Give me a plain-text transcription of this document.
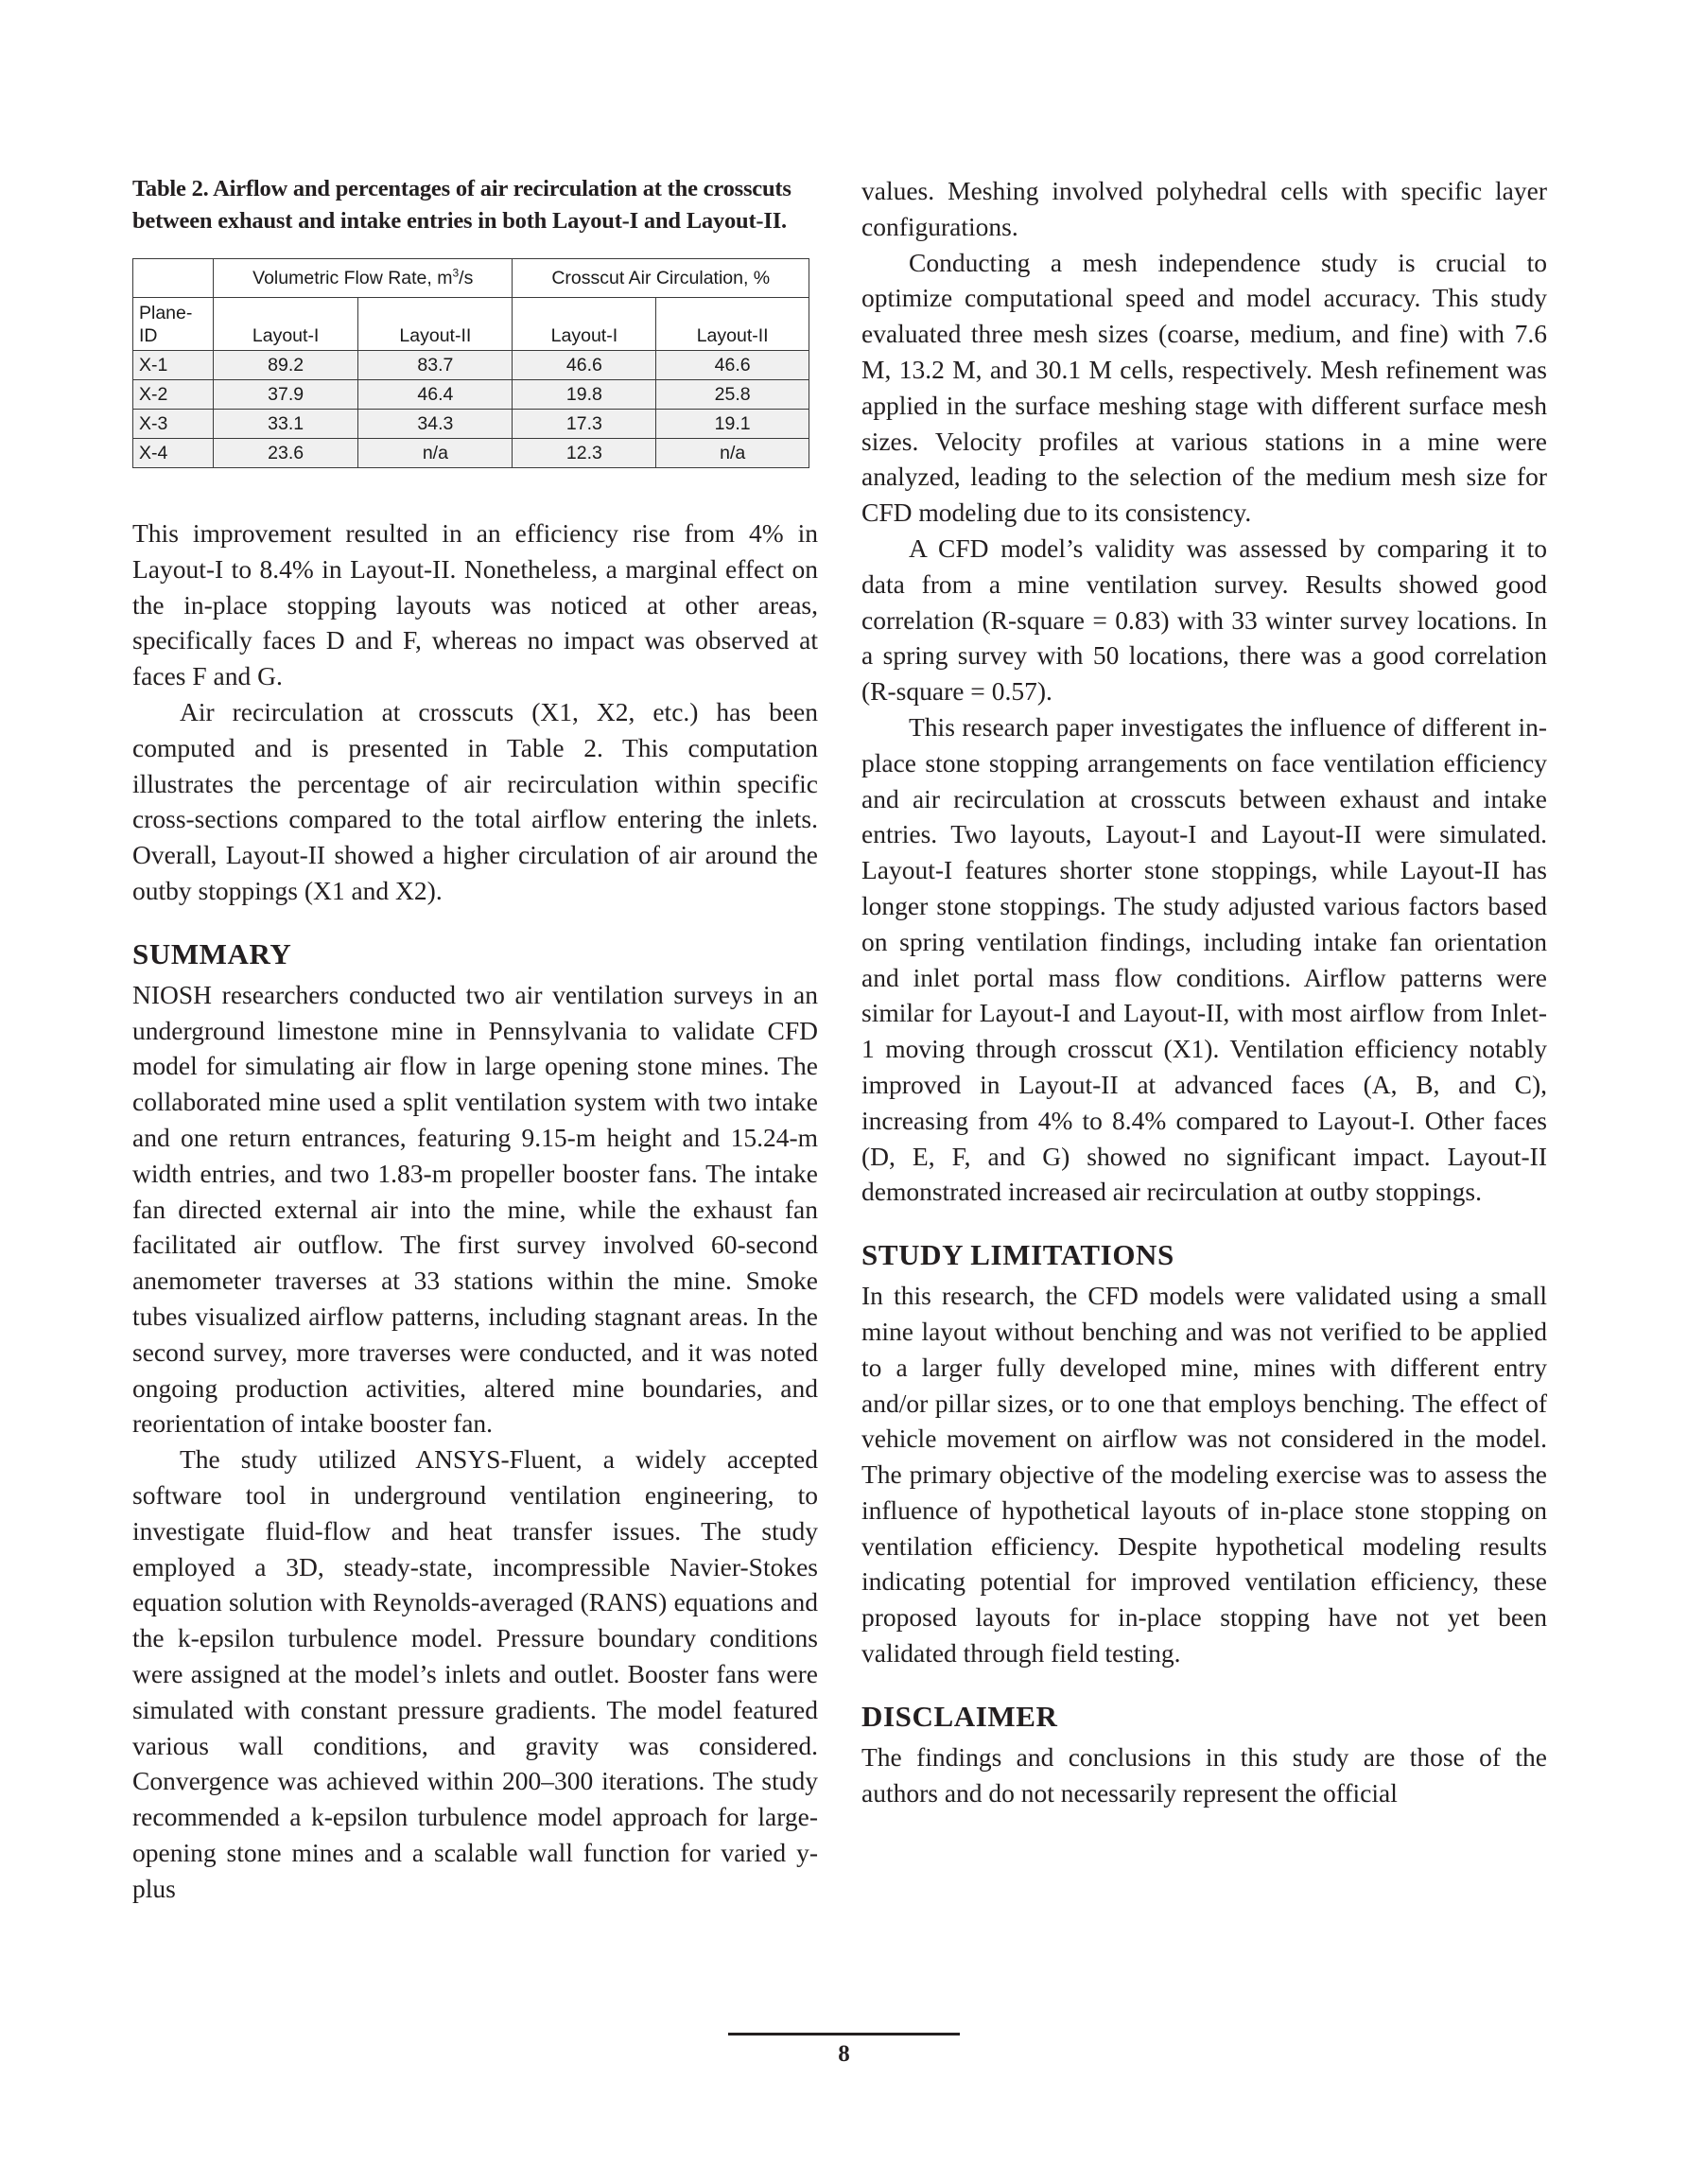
Table 2. Airflow and percentages of air recirculation at the crosscuts between exhaust and intake entries in both Layout-I and Layout-II.

	Volumetric Flow Rate, $m^3/s$		Crosscut Air Circulation, %	
Plane-ID	Layout-I	Layout-II	Layout-I	Layout-II
X-1	89.2	83.7	46.6	46.6
X-2	37.9	46.4	19.8	25.8
X-3	33.1	34.3	17.3	19.1
X-4	23.6	n/a	12.3	n/a

This improvement resulted in an efficiency rise from 4% in Layout-I to 8.4% in Layout-II. Nonetheless, a marginal effect on the in-place stopping layouts was noticed at other areas, specifically faces D and F, whereas no impact was observed at faces F and G.

Air recirculation at crosscuts (X1, X2, etc.) has been computed and is presented in Table 2. This computation illustrates the percentage of air recirculation within specific cross-sections compared to the total airflow entering the inlets. Overall, Layout-II showed a higher circulation of air around the outby stoppings (X1 and X2).

SUMMARY

NIOSH researchers conducted two air ventilation surveys in an underground limestone mine in Pennsylvania to validate CFD model for simulating air flow in large opening stone mines. The collaborated mine used a split ventilation system with two intake and one return entrances, featuring 9.15-m height and 15.24-m width entries, and two 1.83-m propeller booster fans. The intake fan directed external air into the mine, while the exhaust fan facilitated air outflow. The first survey involved 60-second anemometer traverses at 33 stations within the mine. Smoke tubes visualized airflow patterns, including stagnant areas. In the second survey, more traverses were conducted, and it was noted ongoing production activities, altered mine boundaries, and reorientation of intake booster fan.

The study utilized ANSYS-Fluent, a widely accepted software tool in underground ventilation engineering, to investigate fluid-flow and heat transfer issues. The study employed a 3D, steady-state, incompressible Navier-Stokes equation solution with Reynolds-averaged (RANS) equations and the k-epsilon turbulence model. Pressure boundary conditions were assigned at the model’s inlets and outlet. Booster fans were simulated with constant pressure gradients. The model featured various wall conditions, and gravity was considered. Convergence was achieved within 200–300 iterations. The study recommended a k-epsilon turbulence model approach for large-opening stone mines and a scalable wall function for varied y-plus

values. Meshing involved polyhedral cells with specific layer configurations.

Conducting a mesh independence study is crucial to optimize computational speed and model accuracy. This study evaluated three mesh sizes (coarse, medium, and fine) with 7.6 M, 13.2 M, and 30.1 M cells, respectively. Mesh refinement was applied in the surface meshing stage with different surface mesh sizes. Velocity profiles at various stations in a mine were analyzed, leading to the selection of the medium mesh size for CFD modeling due to its consistency.

A CFD model’s validity was assessed by comparing it to data from a mine ventilation survey. Results showed good correlation (R-square = 0.83) with 33 winter survey locations. In a spring survey with 50 locations, there was a good correlation (R-square = 0.57).

This research paper investigates the influence of different in-place stone stopping arrangements on face ventilation efficiency and air recirculation at crosscuts between exhaust and intake entries. Two layouts, Layout-I and Layout-II were simulated. Layout-I features shorter stone stoppings, while Layout-II has longer stone stoppings. The study adjusted various factors based on spring ventilation findings, including intake fan orientation and inlet portal mass flow conditions. Airflow patterns were similar for Layout-I and Layout-II, with most airflow from Inlet-1 moving through crosscut (X1). Ventilation efficiency notably improved in Layout-II at advanced faces (A, B, and C), increasing from 4% to 8.4% compared to Layout-I. Other faces (D, E, F, and G) showed no significant impact. Layout-II demonstrated increased air recirculation at outby stoppings.

STUDY LIMITATIONS

In this research, the CFD models were validated using a small mine layout without benching and was not verified to be applied to a larger fully developed mine, mines with different entry and/or pillar sizes, or to one that employs benching. The effect of vehicle movement on airflow was not considered in the model. The primary objective of the modeling exercise was to assess the influence of hypothetical layouts of in-place stone stopping on ventilation efficiency. Despite hypothetical modeling results indicating potential for improved ventilation efficiency, these proposed layouts for in-place stopping have not yet been validated through field testing.

DISCLAIMER

The findings and conclusions in this study are those of the authors and do not necessarily represent the official

8
